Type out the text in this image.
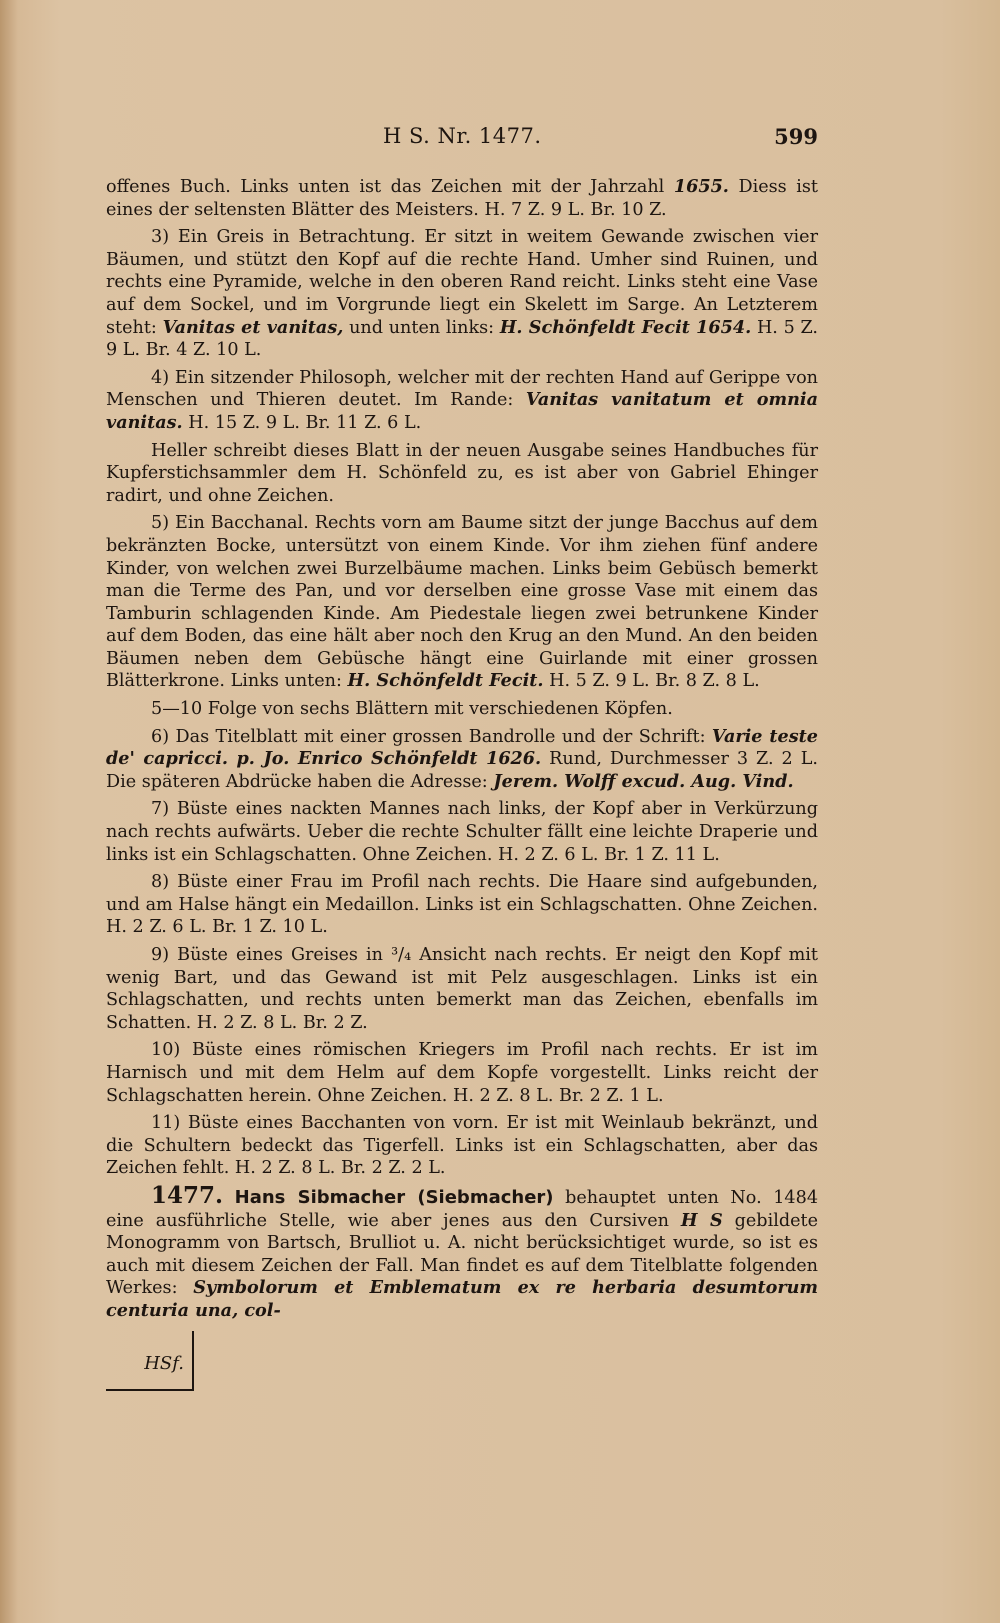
H S. Nr. 1477.	599

offenes Buch. Links unten ist das Zeichen mit der Jahrzahl 1655. Diess ist eines der seltensten Blätter des Meisters. H. 7 Z. 9 L. Br. 10 Z.

3) Ein Greis in Betrachtung. Er sitzt in weitem Gewande zwischen vier Bäumen, und stützt den Kopf auf die rechte Hand. Umher sind Ruinen, und rechts eine Pyramide, welche in den oberen Rand reicht. Links steht eine Vase auf dem Sockel, und im Vorgrunde liegt ein Skelett im Sarge. An Letzterem steht: Vanitas et vanitas, und unten links: H. Schönfeldt Fecit 1654. H. 5 Z. 9 L. Br. 4 Z. 10 L.

4) Ein sitzender Philosoph, welcher mit der rechten Hand auf Gerippe von Menschen und Thieren deutet. Im Rande: Vanitas vanitatum et omnia vanitas. H. 15 Z. 9 L. Br. 11 Z. 6 L.

Heller schreibt dieses Blatt in der neuen Ausgabe seines Handbuches für Kupferstichsammler dem H. Schönfeld zu, es ist aber von Gabriel Ehinger radirt, und ohne Zeichen.

5) Ein Bacchanal. Rechts vorn am Baume sitzt der junge Bacchus auf dem bekränzten Bocke, untersützt von einem Kinde. Vor ihm ziehen fünf andere Kinder, von welchen zwei Burzelbäume machen. Links beim Gebüsch bemerkt man die Terme des Pan, und vor derselben eine grosse Vase mit einem das Tamburin schlagenden Kinde. Am Piedestale liegen zwei betrunkene Kinder auf dem Boden, das eine hält aber noch den Krug an den Mund. An den beiden Bäumen neben dem Gebüsche hängt eine Guirlande mit einer grossen Blätterkrone. Links unten: H. Schönfeldt Fecit. H. 5 Z. 9 L. Br. 8 Z. 8 L.

5—10 Folge von sechs Blättern mit verschiedenen Köpfen.

6) Das Titelblatt mit einer grossen Bandrolle und der Schrift: Varie teste de' capricci. p. Jo. Enrico Schönfeldt 1626. Rund, Durchmesser 3 Z. 2 L. Die späteren Abdrücke haben die Adresse: Jerem. Wolff excud. Aug. Vind.

7) Büste eines nackten Mannes nach links, der Kopf aber in Verkürzung nach rechts aufwärts. Ueber die rechte Schulter fällt eine leichte Draperie und links ist ein Schlagschatten. Ohne Zeichen. H. 2 Z. 6 L. Br. 1 Z. 11 L.

8) Büste einer Frau im Profil nach rechts. Die Haare sind aufgebunden, und am Halse hängt ein Medaillon. Links ist ein Schlagschatten. Ohne Zeichen. H. 2 Z. 6 L. Br. 1 Z. 10 L.

9) Büste eines Greises in ³/₄ Ansicht nach rechts. Er neigt den Kopf mit wenig Bart, und das Gewand ist mit Pelz ausgeschlagen. Links ist ein Schlagschatten, und rechts unten bemerkt man das Zeichen, ebenfalls im Schatten. H. 2 Z. 8 L. Br. 2 Z.

10) Büste eines römischen Kriegers im Profil nach rechts. Er ist im Harnisch und mit dem Helm auf dem Kopfe vorgestellt. Links reicht der Schlagschatten herein. Ohne Zeichen. H. 2 Z. 8 L. Br. 2 Z. 1 L.

11) Büste eines Bacchanten von vorn. Er ist mit Weinlaub bekränzt, und die Schultern bedeckt das Tigerfell. Links ist ein Schlagschatten, aber das Zeichen fehlt. H. 2 Z. 8 L. Br. 2 Z. 2 L.

1477. Hans Sibmacher (Siebmacher) behauptet unten No. 1484 eine ausführliche Stelle, wie aber jenes aus den Cursiven H S gebildete Monogramm von Bartsch, Brulliot u. A. nicht berücksichtiget wurde, so ist es auch mit diesem Zeichen der Fall. Man findet es auf dem Titelblatte folgenden Werkes: Symbolorum et Emblematum ex re herbaria desumtorum centuria una, col-

HSf.
